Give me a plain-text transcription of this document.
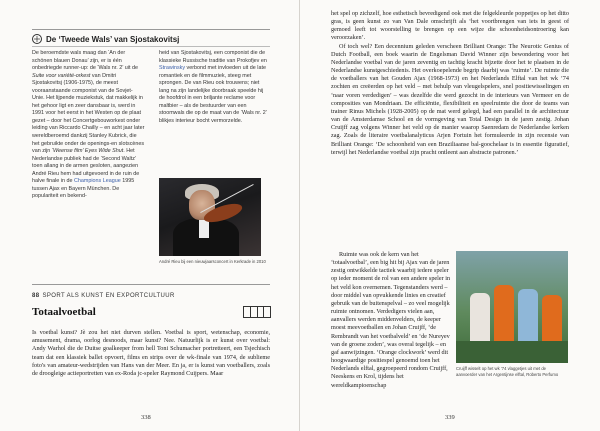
De ‘Tweede Wals’ van Sjostakovitsj
De beroemdste wals maag dan ‘An der schönen blauen Donau’ zijn, er is één onbedriegde runner-up: de ‘Wals nr. 2’ uit de Suite voor variété-orkest van Dmitri Sjostakovitsj (1906-1975), de meest vooraanstaande componist van de Sovjet-Unie. Het lijpende muziekstuk, dat makkelijk in het gehoor ligt en zeer dansbaar is, werd in 1991 voor het eerst in het Westen op de plaat gezet – door het Concertgebouworkest onder leiding van Riccardo Chailly – en acht jaar later wereldberoemd dankzij Stanley Kubrick, die het gebruikte onder de openings-en slotscènes van zijn ‘Weense film’ Eyes Wide Shut. Het Nederlandse publiek had de ‘Second Waltz’ toen allang in de armen gesloten, aangezien André Rieu hem had uitgevoerd in de ruin de halve finale in de Champions League 1995 tussen Ajax en Bayern München. De populariteit en bekend-
heid van Sjostakovitsj, een componist die de klassieke Russische traditie van Prokofjev en Strawinsky verbond met invloeden uit de late romantiek en de filmmuziek, steeg met sprongen. De van Rieu ook trouwens; niet lang na zijn landelijke doorbraak speelde hij de hoofdrol in een briljante reclame voor maltbier – als de bestuurder van een stoomwals die op de maat van de ‘Wals nr. 2’ blikjes interieur bocht vermorzelde.
André Rieu bij een nieuwjaarsconcert in Kerkrade in 2010
88 SPORT ALS KUNST EN EXPORTCULTUUR
Totaalvoetbal

Is voetbal kunst? Jè zou het niet durven stellen. Voetbal is sport, wetenschap, economie, amusement, drama, oorlog desnoods, maar kunst? Nee. Natuurlijk is er kunst over voetbal: Andy Warhol die de Duitse goalkeeper from hell Toni Schumacher portretteert, een Tsjechisch team dat een klassiek ballet opvoert, films en strips over de wk-finale van 1974, de sublieme foto's van amateur-wedstrijden van Hans van der Meer. En ja, er is kunst van voetballers, zoals de droogleige actieportretten van ex-Roda jc-speler Raymond Cuijpers. Maar

338	339

het spel op zichzelf, hoe esthetisch bevredigend ook met die felgekleurde poppetjes op het ditto gras, is geen kunst zo van Van Dale omschrijft als ‘het voortbrengen van iets in geest of gemoed leeft tot woorstelling te brengen op een wijze die schoonheidsontroering kan veroorzaken’.

Of toch wel? Een decennium geleden verscheen Brilliant Orange: The Neurotic Genius of Dutch Football, een boek waarin de Engelsman David Winner zijn bewondering voor het Nederlandse voetbal van de jaren zeventig en tachtig kracht bijzette door het te plaatsen in de Nederlandse kunstgeschiedenis. Het overkoepelende begrip daarbij was ‘ruimte’. De ruimte die de voetballers van het Gouden Ajax (1968-1973) en het Nederlands Elftal van het wk ’74 zochten en creëerden op het veld – met behulp van vleugelspelers, snel positiewisselingen en ‘naar voren verdedigen’ – was dezelfde die werd gezocht in de interieurs van Vermeer en de composities van Mondriaan. De efficiëntie, flexibiliteit en speelruimte die door de teams van trainer Rinus Michels (1928-2005) op de mat werd gelegd, had een parallel in de architectuur van de Amsterdamse School en de vormgeving van Total Design in de jaren zestig. Johan Cruijff zag volgens Winner het veld op de manier waarop Saenredam de Nederlandse kerken zag. Zoals de literaire voetbalanalyticus Arjen Fortuin het formuleerde in zijn recensie van Brilliant Orange: ‘De schoonheid van een Braziliaanse bal-goochelaar is in essentie figuratief, terwijl het Nederlandse voetbal zijn pracht ontleent aan abstracte patronen.’

Ruimte was ook de kern van het ‘totaalvoetbal’, een big hit bij Ajax van de jaren zestig ontwikkelde tactiek waarbij iedere speler op ieder moment de rol van een andere speler in het veld kon overnemen. Tegenstanders werd – door middel van opvukkende linies en creatief gebruik van de buitenspelval – zo veel mogelijk ruimte ontnomen. Verdedigers vielen aan, aanvallers werden middenvelders, de keeper moest meevoetballen en Johan Cruijff, ‘de Rembrandt van het voetbalveld’ en ‘de Nureyev van de groene zoden’, was overal tegelijk – en gaf aanwijzingen. ‘Orange clockwork’ werd dit hoogwaardige positiespel genoemd toen het Nederlands elftal, gegroepeerd rondom Cruijff, Neeskens en Krol, tijdens het wereldkampioenschap

Cruijff wisselt op het wk ’74 vlaggetjes uit met de aanvoerder van het Argentijnse elftal, Roberto Perfumo
